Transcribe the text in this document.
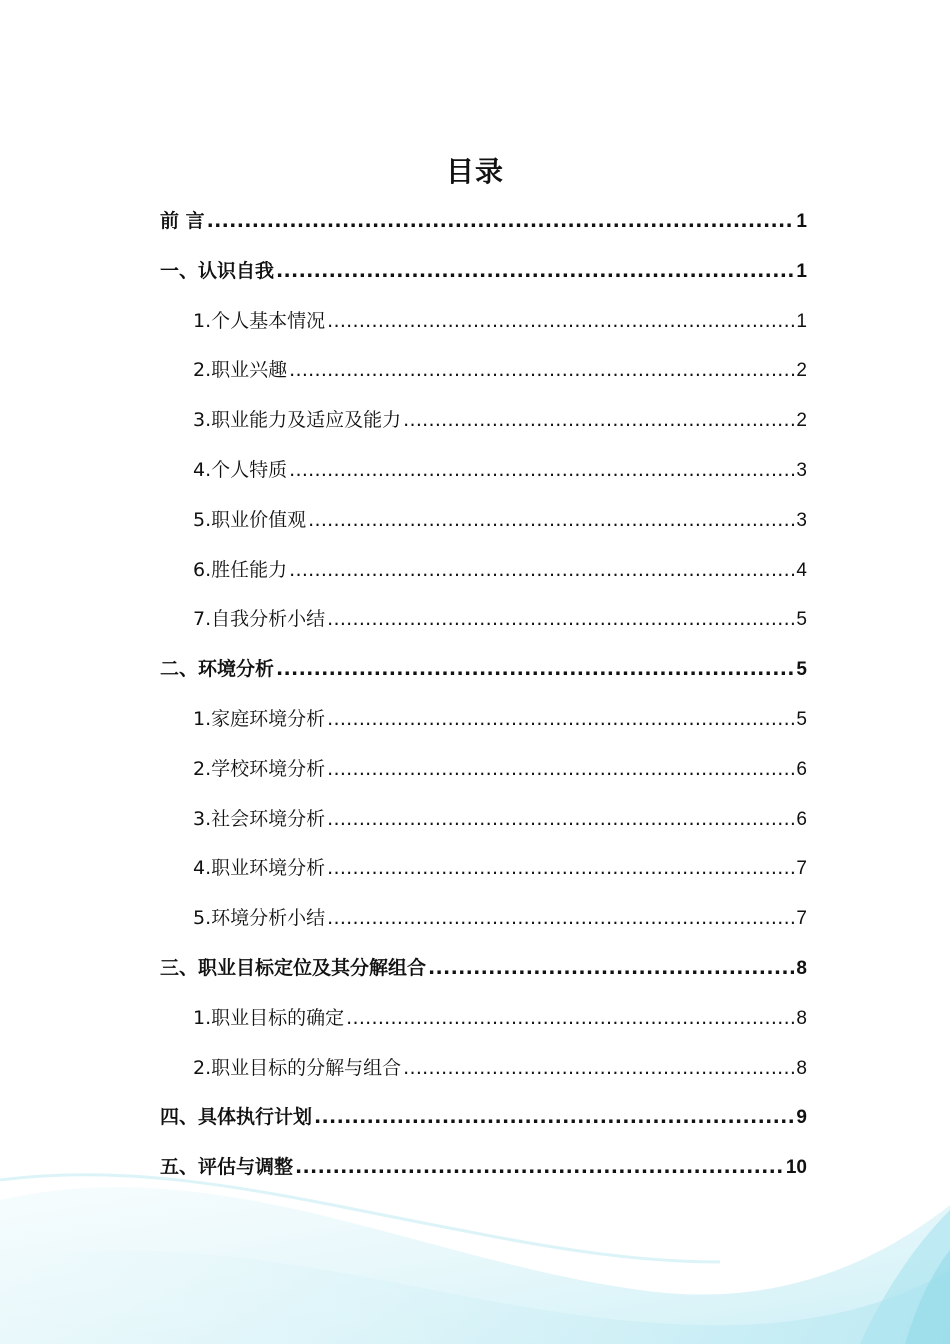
目录
前 言 .....	1
一、认识自我 .....	1
1.个人基本情况 .....	1
2.职业兴趣 .....	2
3.职业能力及适应及能力 .....	2
4.个人特质 .....	3
5.职业价值观 .....	3
6.胜任能力 .....	4
7.自我分析小结 .....	5
二、环境分析 .....	5
1.家庭环境分析 .....	5
2.学校环境分析 .....	6
3.社会环境分析 .....	6
4.职业环境分析 .....	7
5.环境分析小结 .....	7
三、职业目标定位及其分解组合 .....	8
1.职业目标的确定 .....	8
2.职业目标的分解与组合 .....	8
四、具体执行计划 .....	9
五、评估与调整 .....	10
